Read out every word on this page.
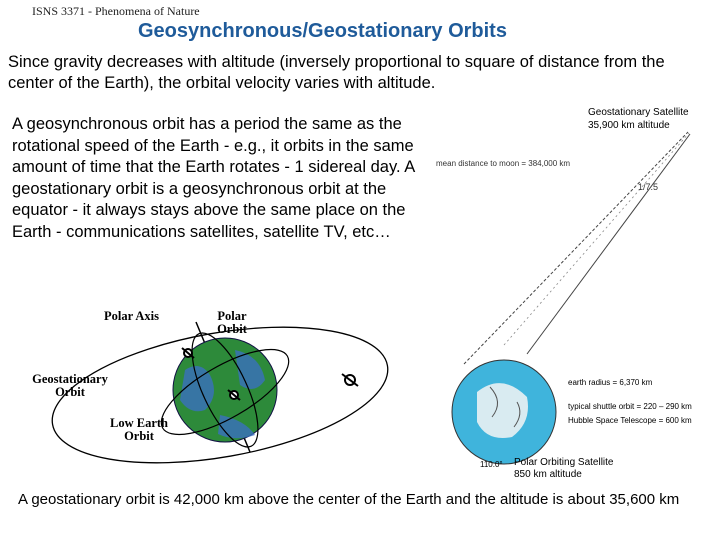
ISNS 3371 - Phenomena of Nature
Geosynchronous/Geostationary Orbits
Since gravity decreases with altitude (inversely proportional to square of distance from the center of the Earth), the orbital velocity varies with altitude.
A geosynchronous orbit has a period the same as the rotational speed of the Earth - e.g., it orbits in the same amount of time that the Earth rotates - 1 sidereal day. A geostationary orbit is a geosynchronous orbit at the equator - it always stays above the same place on the Earth - communications satellites, satellite TV, etc…
Polar Axis	Polar Orbit
Geostationary Orbit
Low Earth Orbit
Geostationary Satellite
35,900 km altitude
mean distance to moon = 384,000 km
1/7.5
earth radius = 6,370 km
typical shuttle orbit = 220 – 290 km
Hubble Space Telescope = 600 km
Polar Orbiting Satellite
850 km altitude
110.0°
A geostationary orbit is 42,000 km above the center of the Earth and the altitude is about 35,600 km
